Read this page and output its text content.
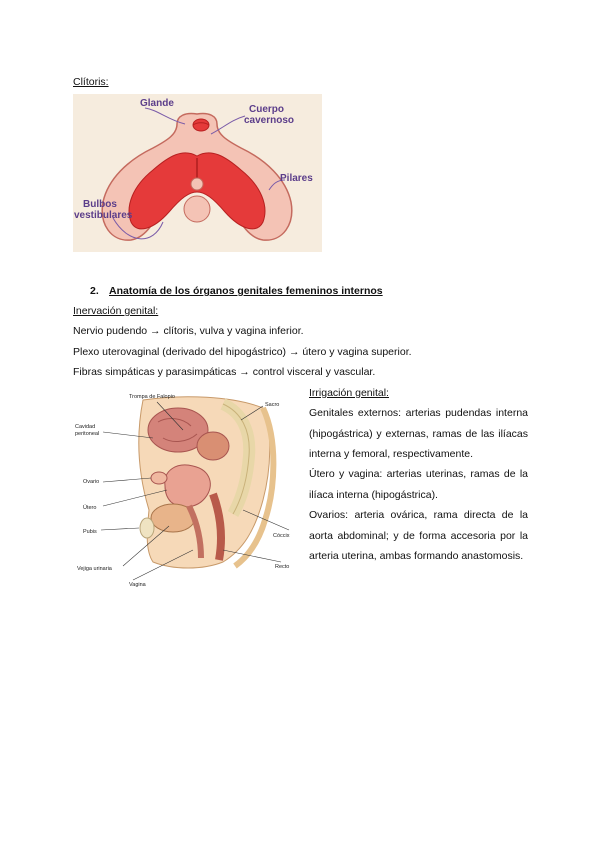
Clítoris:
Glande
Cuerpo
cavernoso
Pilares
Bulbos
vestibulares
2. Anatomía de los órganos genitales femeninos internos
Inervación genital:
Nervio pudendo → clítoris, vulva y vagina inferior.
Plexo uterovaginal (derivado del hipogástrico) → útero y vagina superior.
Fibras simpáticas y parasimpáticas → control visceral y vascular.
Trompa de Falopio
Sacro
Cavidad
peritoneal
Ovario
Útero
Pubis
Vejiga urinaria
Vagina
Cóccix
Recto
Irrigación genital:
Genitales externos: arterias pudendas interna (hipogástrica) y externas, ramas de las ilíacas interna y femoral, respectivamente.
Útero y vagina: arterias uterinas, ramas de la ilíaca interna (hipogástrica).
Ovarios: arteria ovárica, rama directa de la aorta abdominal; y de forma accesoria por la arteria uterina, ambas formando anastomosis.
